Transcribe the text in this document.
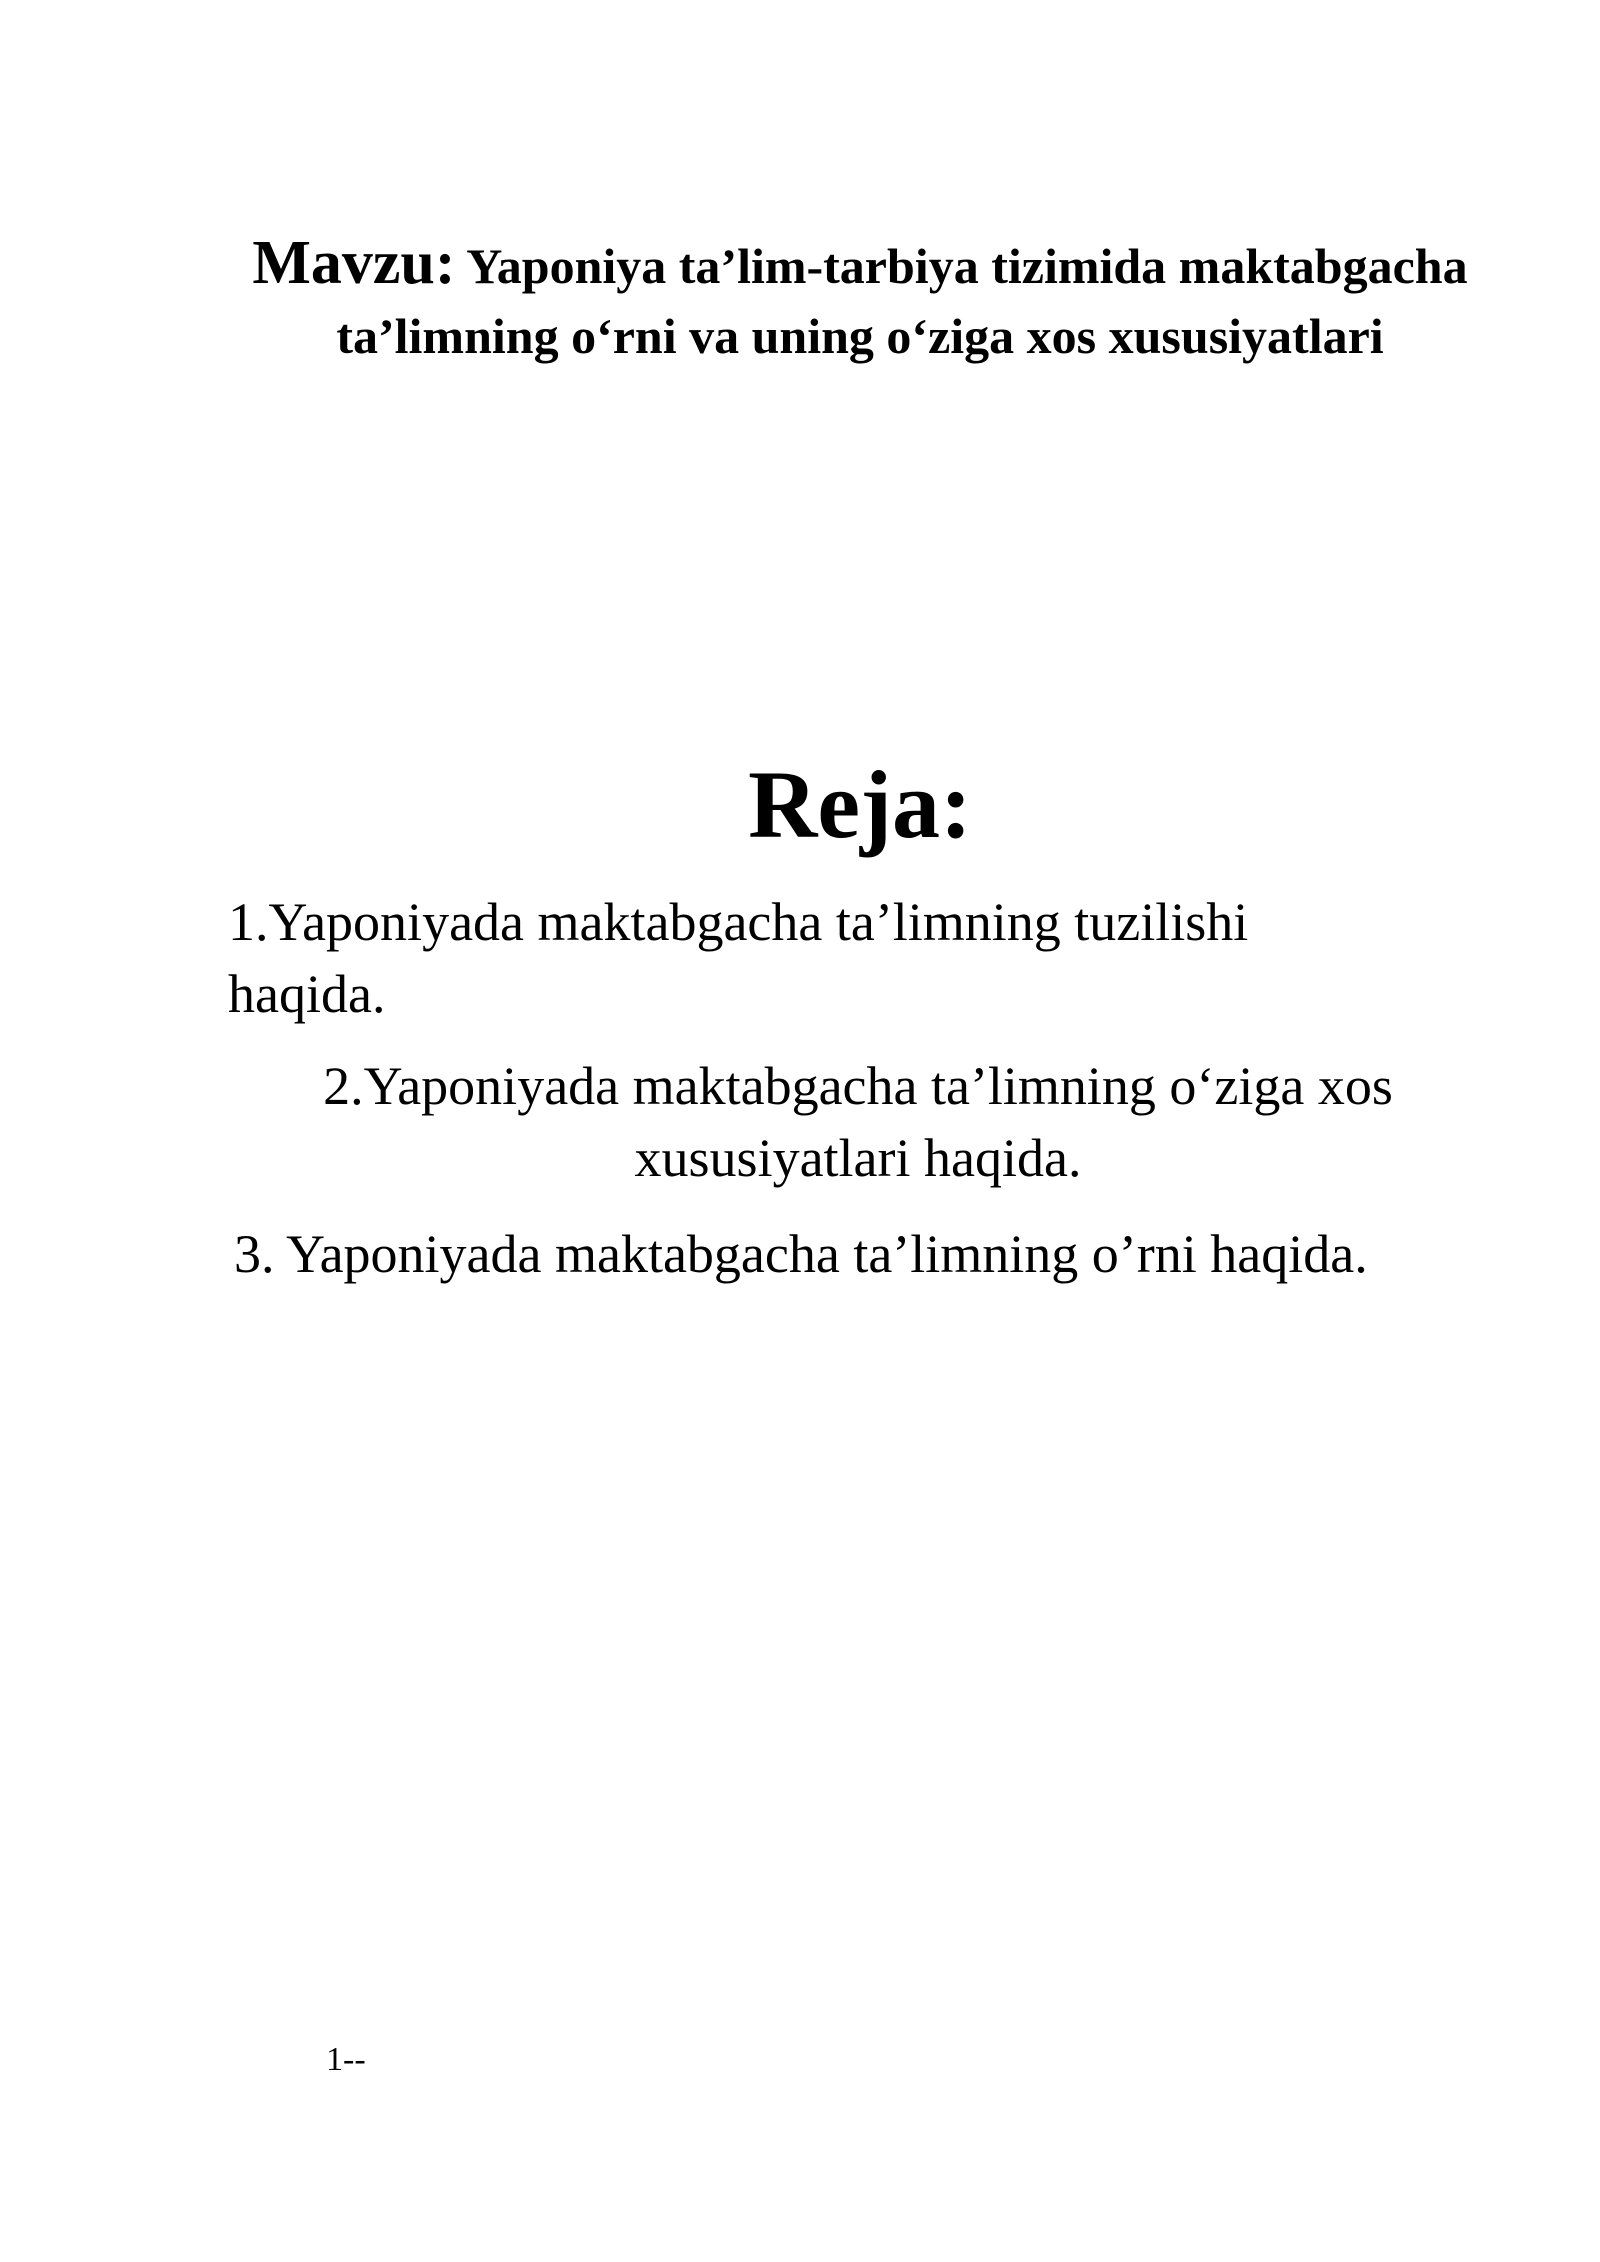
Mavzu: Yaponiya ta’lim-tarbiya tizimida maktabgacha ta’limning o‘rni va uning o‘ziga xos xususiyatlari
Reja:
1.Yaponiyada maktabgacha ta’limning tuzilishi haqida.
2.Yaponiyada maktabgacha ta’limning o‘ziga xos xususiyatlari haqida.
3. Yaponiyada maktabgacha ta’limning o’rni haqida.
1--
